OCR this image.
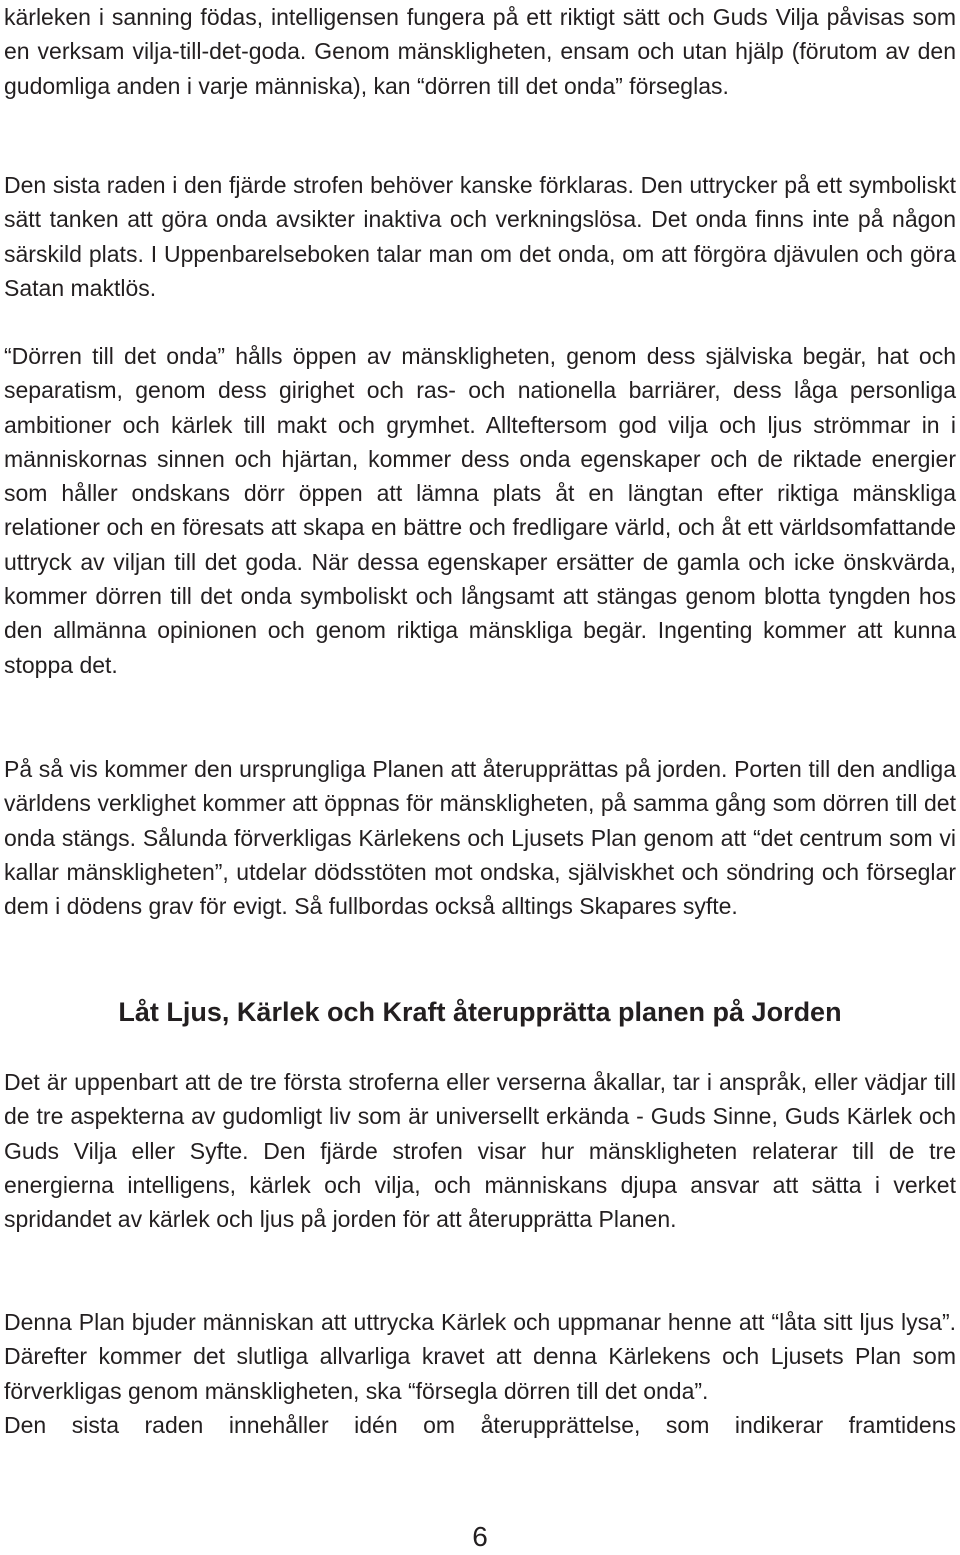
kärleken i sanning födas, intelligensen fungera på ett riktigt sätt och Guds Vilja påvisas som en verksam vilja-till-det-goda. Genom mänskligheten, ensam och utan hjälp (förutom av den gudomliga anden i varje människa), kan “dörren till det onda” förseglas.

Den sista raden i den fjärde strofen behöver kanske förklaras. Den uttrycker på ett symboliskt sätt tanken att göra onda avsikter inaktiva och verkningslösa. Det onda finns inte på någon särskild plats. I Uppenbarelseboken talar man om det onda, om att förgöra djävulen och göra Satan maktlös.

“Dörren till det onda” hålls öppen av mänskligheten, genom dess själviska begär, hat och separatism, genom dess girighet och ras- och nationella barriärer, dess låga personliga ambitioner och kärlek till makt och grymhet. Allteftersom god vilja och ljus strömmar in i människornas sinnen och hjärtan, kommer dess onda egenskaper och de riktade energier som håller ondskans dörr öppen att lämna plats åt en längtan efter riktiga mänskliga relationer och en föresats att skapa en bättre och fredligare värld, och åt ett världsomfattande uttryck av viljan till det goda. När dessa egenskaper ersätter de gamla och icke önskvärda, kommer dörren till det onda symboliskt och långsamt att stängas genom blotta tyngden hos den allmänna opinionen och genom riktiga mänskliga begär. Ingenting kommer att kunna stoppa det.

På så vis kommer den ursprungliga Planen att återupprättas på jorden. Porten till den andliga världens verklighet kommer att öppnas för mänskligheten, på samma gång som dörren till det onda stängs. Sålunda förverkligas Kärlekens och Ljusets Plan genom att “det centrum som vi kallar mänskligheten”, utdelar dödsstöten mot ondska, själviskhet och söndring och förseglar dem i dödens grav för evigt. Så fullbordas också alltings Skapares syfte.

Låt Ljus, Kärlek och Kraft återupprätta planen på Jorden

Det är uppenbart att de tre första stroferna eller verserna åkallar, tar i anspråk, eller vädjar till de tre aspekterna av gudomligt liv som är universellt erkända - Guds Sinne, Guds Kärlek och Guds Vilja eller Syfte. Den fjärde strofen visar hur mänskligheten relaterar till de tre energierna intelligens, kärlek och vilja, och människans djupa ansvar att sätta i verket spridandet av kärlek och ljus på jorden för att återupprätta Planen.

Denna Plan bjuder människan att uttrycka Kärlek och uppmanar henne att “låta sitt ljus lysa”. Därefter kommer det slutliga allvarliga kravet att denna Kärlekens och Ljusets Plan som förverkligas genom mänskligheten, ska “försegla dörren till det onda”.

Den sista raden innehåller idén om återupprättelse, som indikerar framtidens

6
